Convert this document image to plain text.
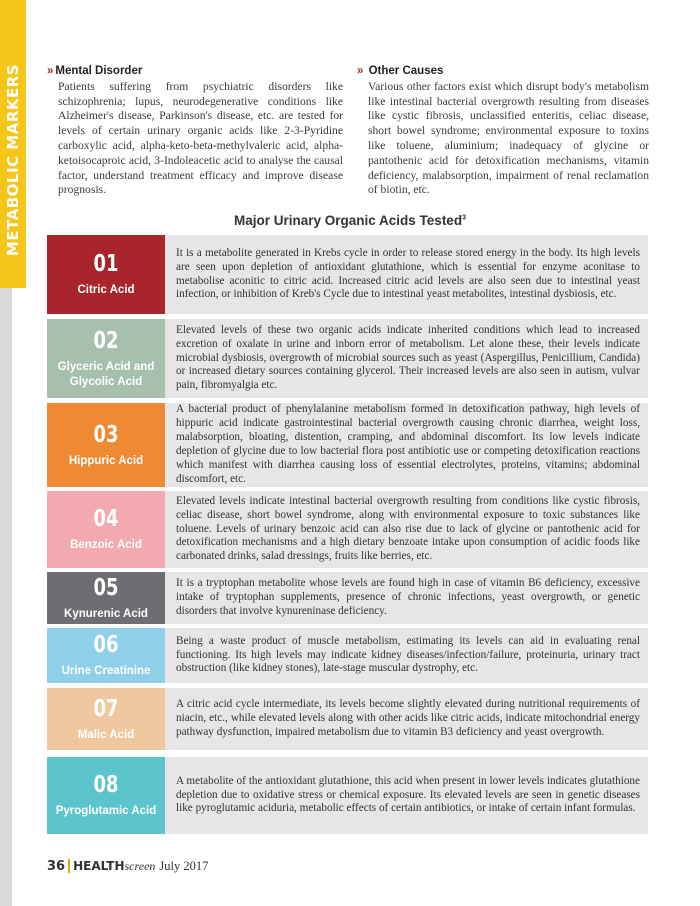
METABOLIC MARKERS » Mental Disorder

Patients suffering from psychiatric disorders like schizophrenia; lupus, neurodegenerative conditions like Alzheimer's disease, Parkinson's disease, etc. are tested for levels of certain urinary organic acids like 2-3-Pyridine carboxylic acid, alpha-keto-beta-methylvaleric acid, alpha-ketoisocaproic acid, 3-Indoleacetic acid to analyse the causal factor, understand treatment efficacy and improve disease prognosis.

» Other Causes

Various other factors exist which disrupt body's metabolism like intestinal bacterial overgrowth resulting from diseases like cystic fibrosis, unclassified enteritis, celiac disease, short bowel syndrome; environmental exposure to toxins like toluene, aluminium; inadequacy of glycine or pantothenic acid for detoxification mechanisms, vitamin deficiency, malabsorption, impairment of renal reclamation of biotin, etc.

Major Urinary Organic Acids Tested$^3$
01
Citric Acid
It is a metabolite generated in Krebs cycle in order to release stored energy in the body. Its high levels are seen upon depletion of antioxidant glutathione, which is essential for enzyme aconitase to metabolise aconitic to citric acid. Increased citric acid levels are also seen due to intestinal yeast infection, or inhibition of Kreb's Cycle due to intestinal yeast metabolites, intestinal dysbiosis, etc.
02
Glyceric Acid and Glycolic Acid
Elevated levels of these two organic acids indicate inherited conditions which lead to increased excretion of oxalate in urine and inborn error of metabolism. Let alone these, their levels indicate microbial dysbiosis, overgrowth of microbial sources such as yeast (Aspergillus, Penicillium, Candida) or increased dietary sources containing glycerol. Their increased levels are also seen in autism, vulvar pain, fibromyalgia etc.
03
Hippuric Acid
A bacterial product of phenylalanine metabolism formed in detoxification pathway, high levels of hippuric acid indicate gastrointestinal bacterial overgrowth causing chronic diarrhea, weight loss, malabsorption, bloating, distention, cramping, and abdominal discomfort. Its low levels indicate depletion of glycine due to low bacterial flora post antibiotic use or competing detoxification reactions which manifest with diarrhea causing loss of essential electrolytes, proteins, vitamins; abdominal discomfort, etc.
04
Benzoic Acid
Elevated levels indicate intestinal bacterial overgrowth resulting from conditions like cystic fibrosis, celiac disease, short bowel syndrome, along with environmental exposure to toxic substances like toluene. Levels of urinary benzoic acid can also rise due to lack of glycine or pantothenic acid for detoxification mechanisms and a high dietary benzoate intake upon consumption of acidic foods like carbonated drinks, salad dressings, fruits like berries, etc.
05
Kynurenic Acid
It is a tryptophan metabolite whose levels are found high in case of vitamin B6 deficiency, excessive intake of tryptophan supplements, presence of chronic infections, yeast overgrowth, or genetic disorders that involve kynureninase deficiency.
06
Urine Creatinine
Being a waste product of muscle metabolism, estimating its levels can aid in evaluating renal functioning. Its high levels may indicate kidney diseases/infection/failure, proteinuria, urinary tract obstruction (like kidney stones), late-stage muscular dystrophy, etc.
07
Malic Acid
A citric acid cycle intermediate, its levels become slightly elevated during nutritional requirements of niacin, etc., while elevated levels along with other acids like citric acids, indicate mitochondrial energy pathway dysfunction, impaired metabolism due to vitamin B3 deficiency and yeast overgrowth.
08
Pyroglutamic Acid
A metabolite of the antioxidant glutathione, this acid when present in lower levels indicates glutathione depletion due to oxidative stress or chemical exposure. Its elevated levels are seen in genetic diseases like pyroglutamic aciduria, metabolic effects of certain antibiotics, or intake of certain infant formulas.
36 HEALTH screen July 2017
